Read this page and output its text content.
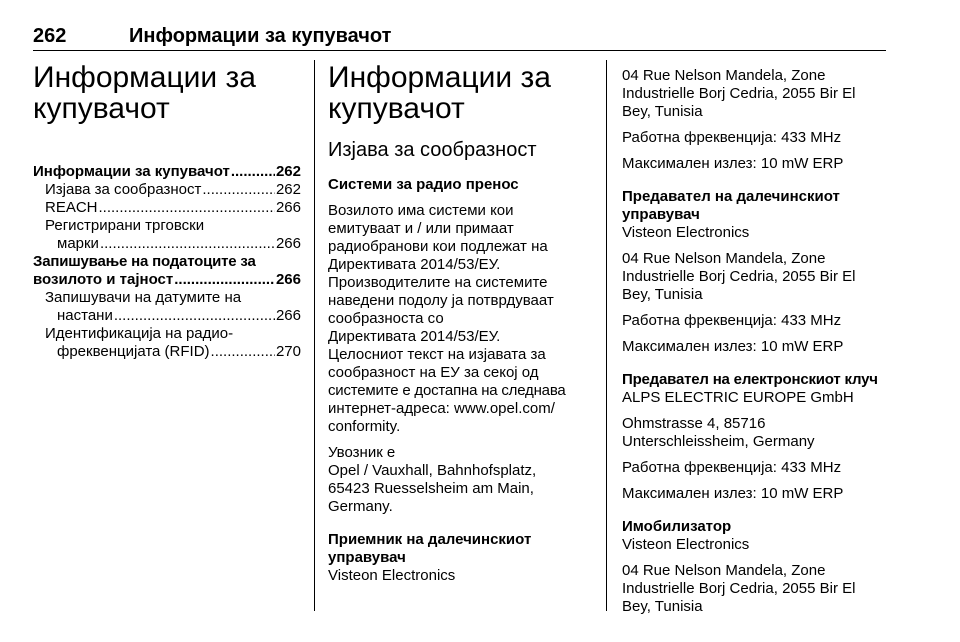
262	Информации за купувачот
Информации за купувачот
Информации за купувачот .....	262
Изјава за сообразност .....	262
REACH .....	266
Регистрирани трговски
марки .....	266
Запишување на податоците за
возилото и тајност .....	266
Запишувачи на датумите на
настани .....	266
Идентификација на радио-
фреквенцијата (RFID) .....	270
Информации за купувачот
Изјава за сообразност
Системи за радио пренос

Возилото има системи кои

емитуваат и / или примаат

радиобранови кои подлежат на

Директивата 2014/53/ЕУ.

Производителите на системите

наведени подолу ја потврдуваат

сообразноста со

Директивата 2014/53/ЕУ.

Целосниот текст на изјавата за

сообразност на ЕУ за секој од

системите е достапна на следнава

интернет-адреса: www.opel.com/

conformity.

Увозник е

Opel / Vauxhall, Bahnhofsplatz,

65423 Ruesselsheim am Main,

Germany.

Приемник на далечинскиот

управувач

Visteon Electronics

04 Rue Nelson Mandela, Zone

Industrielle Borj Cedria, 2055 Bir El

Bey, Tunisia

Работна фреквенција: 433 MHz

Максимален излез: 10 mW ERP

Предавател на далечинскиот

управувач

Visteon Electronics

04 Rue Nelson Mandela, Zone

Industrielle Borj Cedria, 2055 Bir El

Bey, Tunisia

Работна фреквенција: 433 MHz

Максимален излез: 10 mW ERP

Предавател на електронскиот клуч

ALPS ELECTRIC EUROPE GmbH

Ohmstrasse 4, 85716

Unterschleissheim, Germany

Работна фреквенција: 433 MHz

Максимален излез: 10 mW ERP

Имобилизатор

Visteon Electronics

04 Rue Nelson Mandela, Zone

Industrielle Borj Cedria, 2055 Bir El

Bey, Tunisia
